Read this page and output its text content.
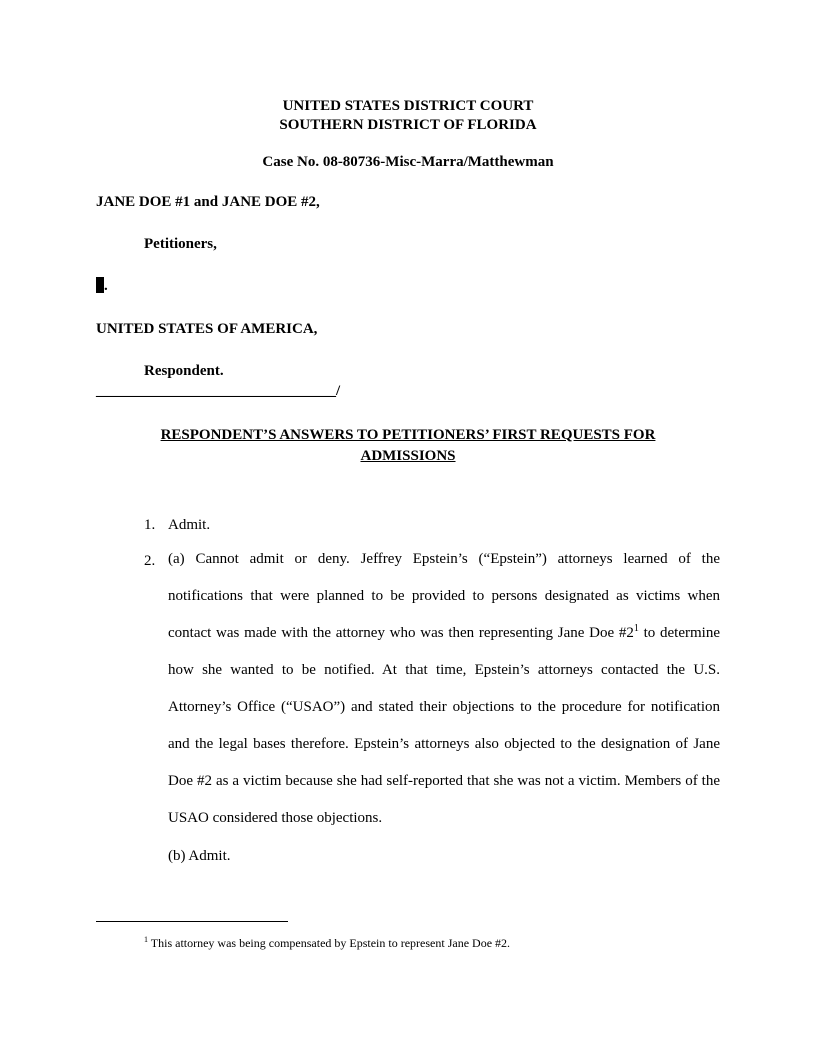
UNITED STATES DISTRICT COURT
SOUTHERN DISTRICT OF FLORIDA
Case No. 08-80736-Misc-Marra/Matthewman
JANE DOE #1 and JANE DOE #2,
Petitioners,
.
UNITED STATES OF AMERICA,
Respondent.
________________________________/
RESPONDENT’S ANSWERS TO PETITIONERS’ FIRST REQUESTS FOR
ADMISSIONS
1. Admit.
2. (a) Cannot admit or deny. Jeffrey Epstein’s (“Epstein”) attorneys learned of the notifications that were planned to be provided to persons designated as victims when contact was made with the attorney who was then representing Jane Doe $\#2^1$ to determine how she wanted to be notified. At that time, Epstein’s attorneys contacted the U.S. Attorney’s Office (“USAO”) and stated their objections to the procedure for notification and the legal bases therefore. Epstein’s attorneys also objected to the designation of Jane Doe #2 as a victim because she had self-reported that she was not a victim. Members of the USAO considered those objections.
(b) Admit.
$^1$ This attorney was being compensated by Epstein to represent Jane Doe #2.
